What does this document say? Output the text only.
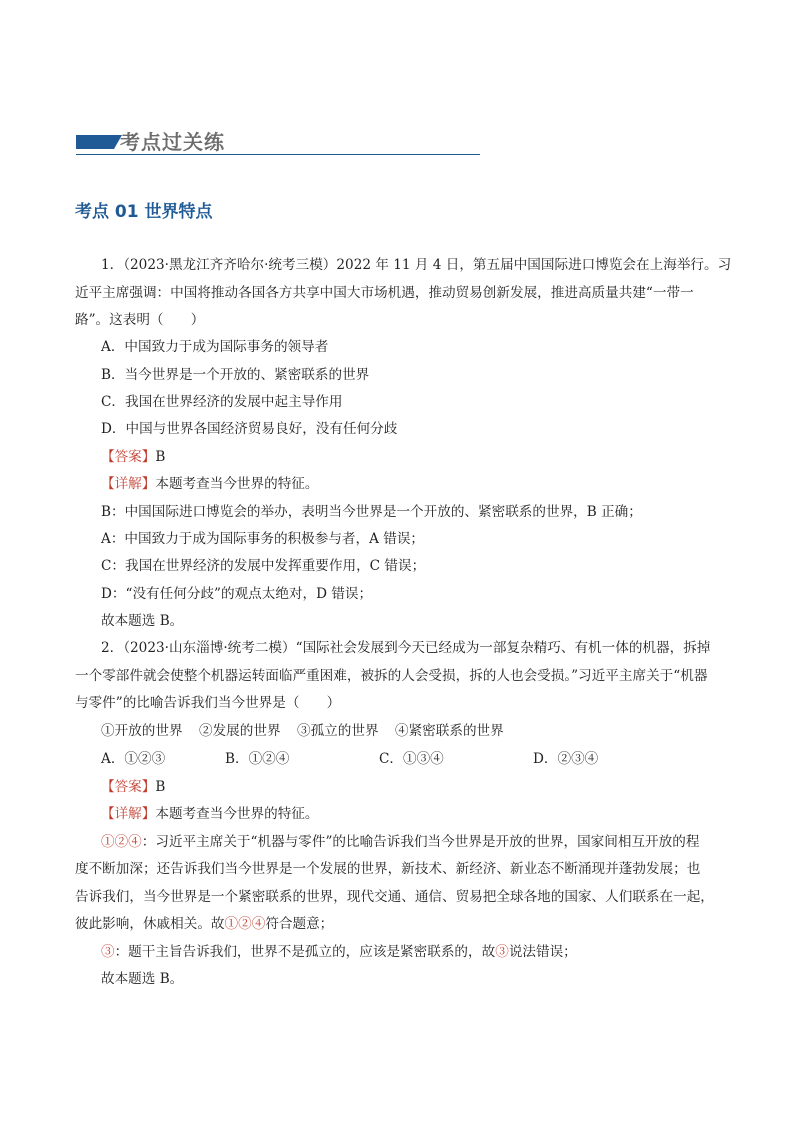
考点过关练
考点 01 世界特点
1．（2023·黑龙江齐齐哈尔·统考三模）2022 年 11 月 4 日，第五届中国国际进口博览会在上海举行。习
近平主席强调：中国将推动各国各方共享中国大市场机遇，推动贸易创新发展，推进高质量共建“一带一
路”。这表明（　　）
A．中国致力于成为国际事务的领导者
B．当今世界是一个开放的、紧密联系的世界
C．我国在世界经济的发展中起主导作用
D．中国与世界各国经济贸易良好，没有任何分歧
【答案】B
【详解】本题考查当今世界的特征。
B：中国国际进口博览会的举办，表明当今世界是一个开放的、紧密联系的世界，B 正确；
A：中国致力于成为国际事务的积极参与者，A 错误；
C：我国在世界经济的发展中发挥重要作用，C 错误；
D：“没有任何分歧”的观点太绝对，D 错误；
故本题选 B。
2．（2023·山东淄博·统考二模）“国际社会发展到今天已经成为一部复杂精巧、有机一体的机器，拆掉
一个零部件就会使整个机器运转面临严重困难，被拆的人会受损，拆的人也会受损。”习近平主席关于“机器
与零件”的比喻告诉我们当今世界是（　　）
①开放的世界 ②发展的世界 ③孤立的世界 ④紧密联系的世界
A．①②③	B．①②④	C．①③④	D．②③④
【答案】B
【详解】本题考查当今世界的特征。
①②④：习近平主席关于“机器与零件”的比喻告诉我们当今世界是开放的世界，国家间相互开放的程
度不断加深；还告诉我们当今世界是一个发展的世界，新技术、新经济、新业态不断涌现并蓬勃发展；也
告诉我们，当今世界是一个紧密联系的世界，现代交通、通信、贸易把全球各地的国家、人们联系在一起，
彼此影响，休戚相关。故①②④符合题意；
③：题干主旨告诉我们，世界不是孤立的，应该是紧密联系的，故③说法错误；
故本题选 B。
